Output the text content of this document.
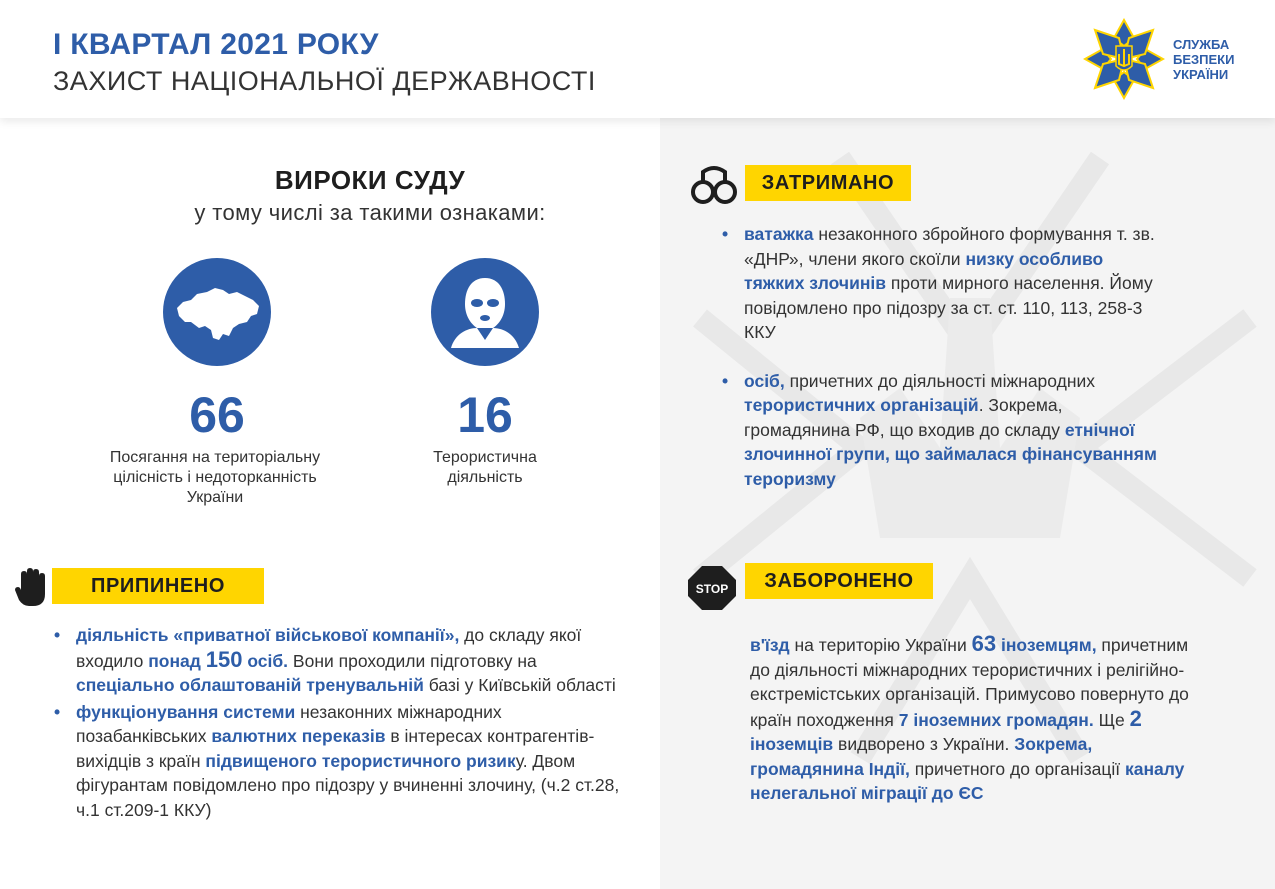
I КВАРТАЛ 2021 РОКУ
ЗАХИСТ НАЦІОНАЛЬНОЇ ДЕРЖАВНОСТІ
СЛУЖБА
БЕЗПЕКИ
УКРАЇНИ
ВИРОКИ СУДУ
у тому числі за такими ознаками:
66	16
Посягання на територіальну
цілісність і недоторканність
України
Терористична
діяльність
ЗАТРИМАНО
• ватажка незаконного збройного формування т. зв. «ДНР», члени якого скоїли низку особливо тяжких злочинів проти мирного населення. Йому повідомлено про підозру за ст. ст. 110, 113, 258-3 ККУ
• осіб, причетних до діяльності міжнародних терористичних організацій. Зокрема, громадянина РФ, що входив до складу етнічної злочинної групи, що займалася фінансуванням тероризму
ПРИПИНЕНО
• діяльність «приватної військової компанії», до складу якої входило понад 150 осіб. Вони проходили підготовку на спеціально облаштованій тренувальній базі у Київській області
• функціонування системи незаконних міжнародних позабанківських валютних переказів в інтересах контрагентів-вихідців з країн підвищеного терористичного ризику. Двом фігурантам повідомлено про підозру у вчиненні злочину, (ч.2 ст.28, ч.1 ст.209-1 ККУ)
STOP	ЗАБОРОНЕНО
в'їзд на територію України 63 іноземцям, причетним до діяльності міжнародних терористичних і релігійно-екстремістських організацій. Примусово повернуто до країн походження 7 іноземних громадян. Ще 2 іноземців видворено з України. Зокрема, громадянина Індії, причетного до організації каналу нелегальної міграції до ЄС
